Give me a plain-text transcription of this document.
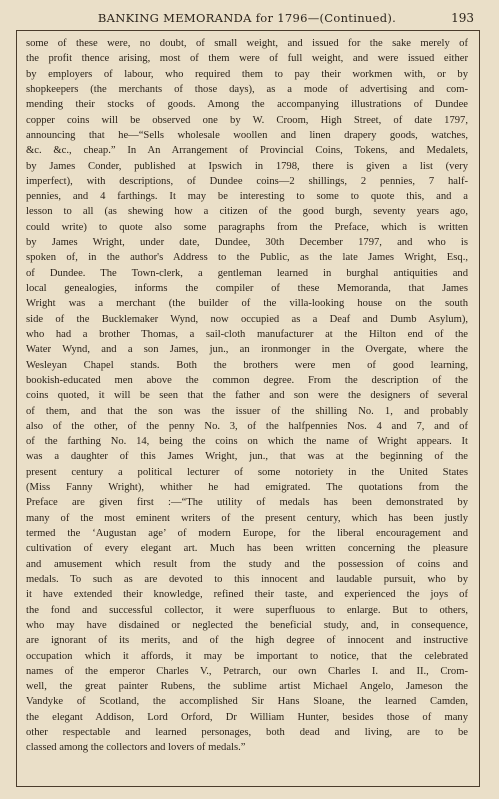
BANKING MEMORANDA for 1796—(Continued).	193
some of these were, no doubt, of small weight, and issued for the sake merely of
the profit thence arising, most of them were of full weight, and were issued either
by employers of labour, who required them to pay their workmen with, or by
shopkeepers (the merchants of those days), as a mode of advertising and com-
mending their stocks of goods. Among the accompanying illustrations of Dundee
copper coins will be observed one by W. Croom, High Street, of date 1797,
announcing that he—“Sells wholesale woollen and linen drapery goods, watches,
&c. &c., cheap.” In An Arrangement of Provincial Coins, Tokens, and Medalets,
by James Conder, published at Ipswich in 1798, there is given a list (very
imperfect), with descriptions, of Dundee coins—2 shillings, 2 pennies, 7 half-
pennies, and 4 farthings. It may be interesting to some to quote this, and a
lesson to all (as shewing how a citizen of the good burgh, seventy years ago,
could write) to quote also some paragraphs from the Preface, which is written
by James Wright, under date, Dundee, 30th December 1797, and who is
spoken of, in the author's Address to the Public, as the late James Wright, Esq.,
of Dundee. The Town-clerk, a gentleman learned in burghal antiquities and
local genealogies, informs the compiler of these Memoranda, that James
Wright was a merchant (the builder of the villa-looking house on the south
side of the Bucklemaker Wynd, now occupied as a Deaf and Dumb Asylum),
who had a brother Thomas, a sail-cloth manufacturer at the Hilton end of the
Water Wynd, and a son James, jun., an ironmonger in the Overgate, where the
Wesleyan Chapel stands. Both the brothers were men of good learning,
bookish-educated men above the common degree. From the description of the
coins quoted, it will be seen that the father and son were the designers of several
of them, and that the son was the issuer of the shilling No. 1, and probably
also of the other, of the penny No. 3, of the halfpennies Nos. 4 and 7, and of
of the farthing No. 14, being the coins on which the name of Wright appears. It
was a daughter of this James Wright, jun., that was at the beginning of the
present century a political lecturer of some notoriety in the United States
(Miss Fanny Wright), whither he had emigrated. The quotations from the
Preface are given first :—“The utility of medals has been demonstrated by
many of the most eminent writers of the present century, which has been justly
termed the ‘Augustan age’ of modern Europe, for the liberal encouragement and
cultivation of every elegant art. Much has been written concerning the pleasure
and amusement which result from the study and the possession of coins and
medals. To such as are devoted to this innocent and laudable pursuit, who by
it have extended their knowledge, refined their taste, and experienced the joys of
the fond and successful collector, it were superfluous to enlarge. But to others,
who may have disdained or neglected the beneficial study, and, in consequence,
are ignorant of its merits, and of the high degree of innocent and instructive
occupation which it affords, it may be important to notice, that the celebrated
names of the emperor Charles V., Petrarch, our own Charles I. and II., Crom-
well, the great painter Rubens, the sublime artist Michael Angelo, Jameson the
Vandyke of Scotland, the accomplished Sir Hans Sloane, the learned Camden,
the elegant Addison, Lord Orford, Dr William Hunter, besides those of many
other respectable and learned personages, both dead and living, are to be
classed among the collectors and lovers of medals.”
